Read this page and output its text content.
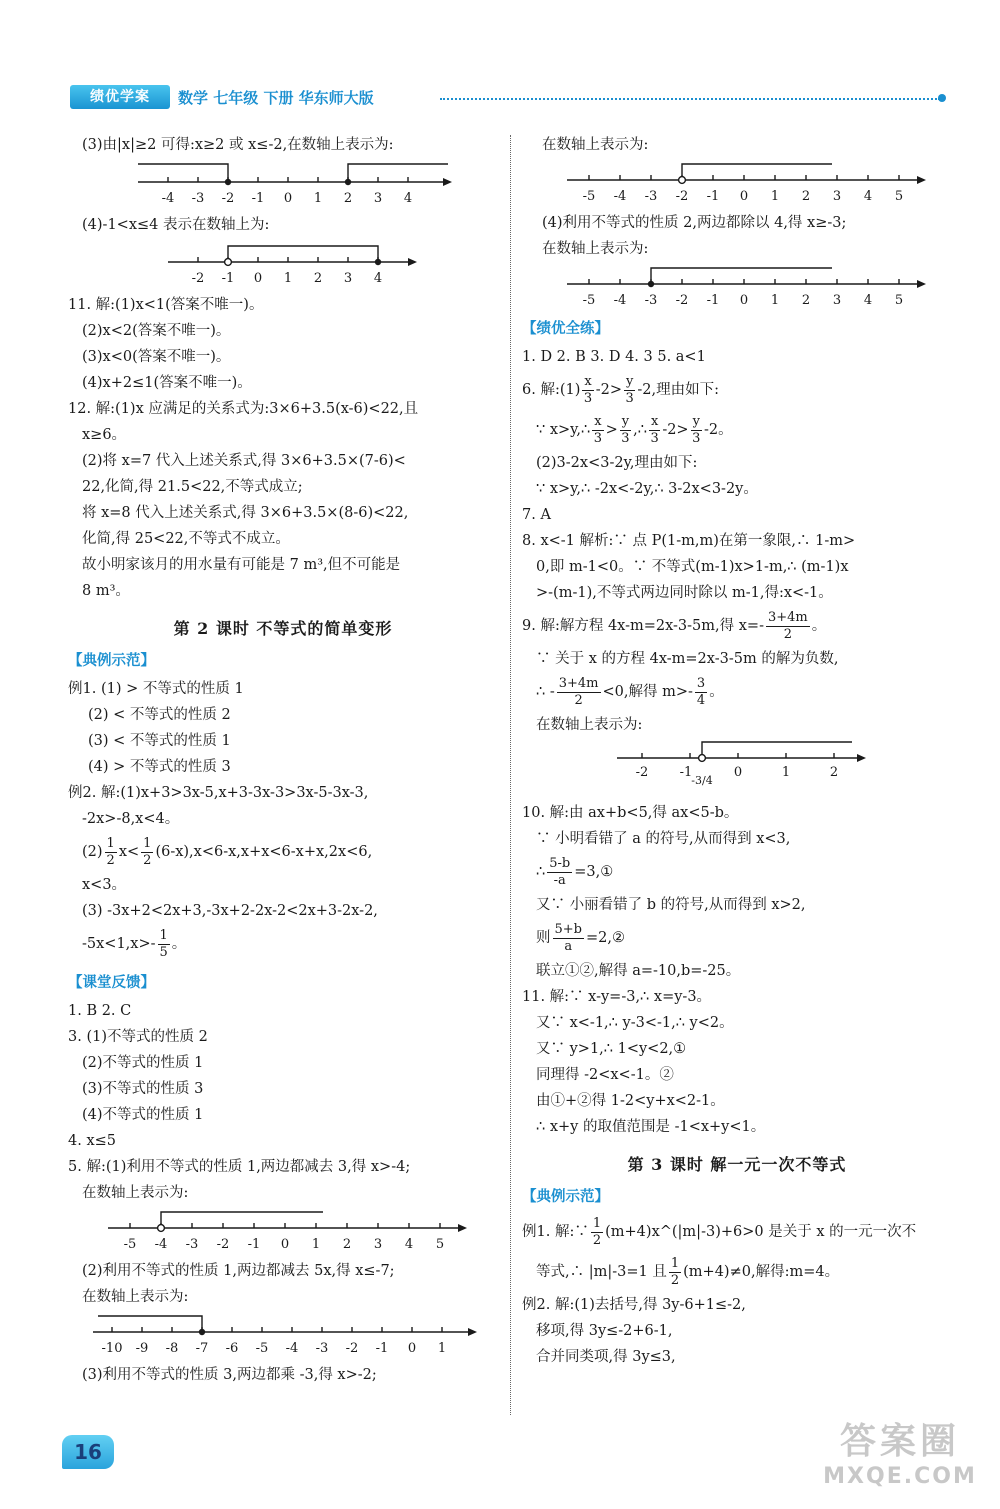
绩优学案	数学 七年级 下册 华东师大版
(3)由|x|≥2 可得:x≥2 或 x≤-2,在数轴上表示为:
-4 -3 -2 -1 0 1 2 3 4
(4)-1<x≤4 表示在数轴上为:
-2 -1 0 1 2 3 4
11. 解:(1)x<1(答案不唯一)。
(2)x<2(答案不唯一)。
(3)x<0(答案不唯一)。
(4)x+2≤1(答案不唯一)。
12. 解:(1)x 应满足的关系式为:3×6+3.5(x-6)<22,且
x≥6。
(2)将 x=7 代入上述关系式,得 3×6+3.5×(7-6)<
22,化简,得 21.5<22,不等式成立;
将 x=8 代入上述关系式,得 3×6+3.5×(8-6)<22,
化简,得 25<22,不等式不成立。
故小明家该月的用水量有可能是 7 m³,但不可能是
8 m³。
第 2 课时 不等式的简单变形
【典例示范】
例1. (1) > 不等式的性质 1
(2) < 不等式的性质 2
(3) < 不等式的性质 1
(4) > 不等式的性质 3
例2. 解:(1)x+3>3x-5,x+3-3x-3>3x-5-3x-3,
-2x>-8,x<4。
$(2) \frac{1}{2} x< \frac{1}{2} (6-x),x<6-x,x+x<6-x+x,2x<6$,
x<3。
(3) -3x+2<2x+3,-3x+2-2x-2<2x+3-2x-2,
$-5x<1,x>- \frac{1}{5}$ 。
【课堂反馈】
1. B 2. C
3. (1)不等式的性质 2
(2)不等式的性质 1
(3)不等式的性质 3
(4)不等式的性质 1
4. x≤5
5. 解:(1)利用不等式的性质 1,两边都减去 3,得 x>-4;
在数轴上表示为:
-5 -4 -3 -2 -1 0 1 2 3 4 5
(2)利用不等式的性质 1,两边都减去 5x,得 x≤-7;
在数轴上表示为:
-10 -9 -8 -7 -6 -5 -4 -3 -2 -1 0 1
(3)利用不等式的性质 3,两边都乘 -3,得 x>-2;
在数轴上表示为:
-5 -4 -3 -2 -1 0 1 2 3 4 5
(4)利用不等式的性质 2,两边都除以 4,得 x≥-3;
在数轴上表示为:
-5 -4 -3 -2 -1 0 1 2 3 4 5
【绩优全练】
1. D 2. B 3. D 4. 3 5. a<1
6. 解:(1) $\frac{x}{3} -2> \frac{y}{3} -2$,理由如下:
∵ x>y,∴ $\frac{x}{3} > \frac{y}{3}$ ,∴ $\frac{x}{3} -2> \frac{y}{3} -2$。
(2)3-2x<3-2y,理由如下:
∵ x>y,∴ -2x<-2y,∴ 3-2x<3-2y。
7. A
8. x<-1 解析:∵ 点 P(1-m,m)在第一象限,∴ 1-m>
0,即 m-1<0。∵ 不等式(m-1)x>1-m,∴ (m-1)x
>-(m-1),不等式两边同时除以 m-1,得:x<-1。
9. 解:解方程 4x-m=2x-3-5m,得 $x=- \frac{3+4m}{2}$ 。
∵ 关于 x 的方程 4x-m=2x-3-5m 的解为负数,
∴ - $\frac{3+4m}{2} <0$,解得 $m>- \frac{3}{4}$ 。
在数轴上表示为:
-2 -1
-3/4
0	1	2
10. 解:由 ax+b<5,得 ax<5-b。
∵ 小明看错了 a 的符号,从而得到 x<3,
∴ $\frac{5-b}{-a}$ =3,①
又∵ 小丽看错了 b 的符号,从而得到 x>2,
则 $\frac{5+b}{a}$ =2,②
联立①②,解得 a=-10,b=-25。
11. 解:∵ x-y=-3,∴ x=y-3。
又∵ x<-1,∴ y-3<-1,∴ y<2。
又∵ y>1,∴ 1<y<2,①
同理得 -2<x<-1。②
由①+②得 1-2<y+x<2-1。
∴ x+y 的取值范围是 -1<x+y<1。
第 3 课时 解一元一次不等式
【典例示范】
例1. 解:∵ $\frac{1}{2}$ (m+4)x^(|m|-3)+6>0 是关于 x 的一元一次不
等式,∴ |m|-3=1 且 $\frac{1}{2} (m+4)\ne 0$,解得:m=4。
例2. 解:(1)去括号,得 3y-6+1≤-2,
移项,得 3y≤-2+6-1,
合并同类项,得 3y≤3,
16	答案圈
MXQE.COM
